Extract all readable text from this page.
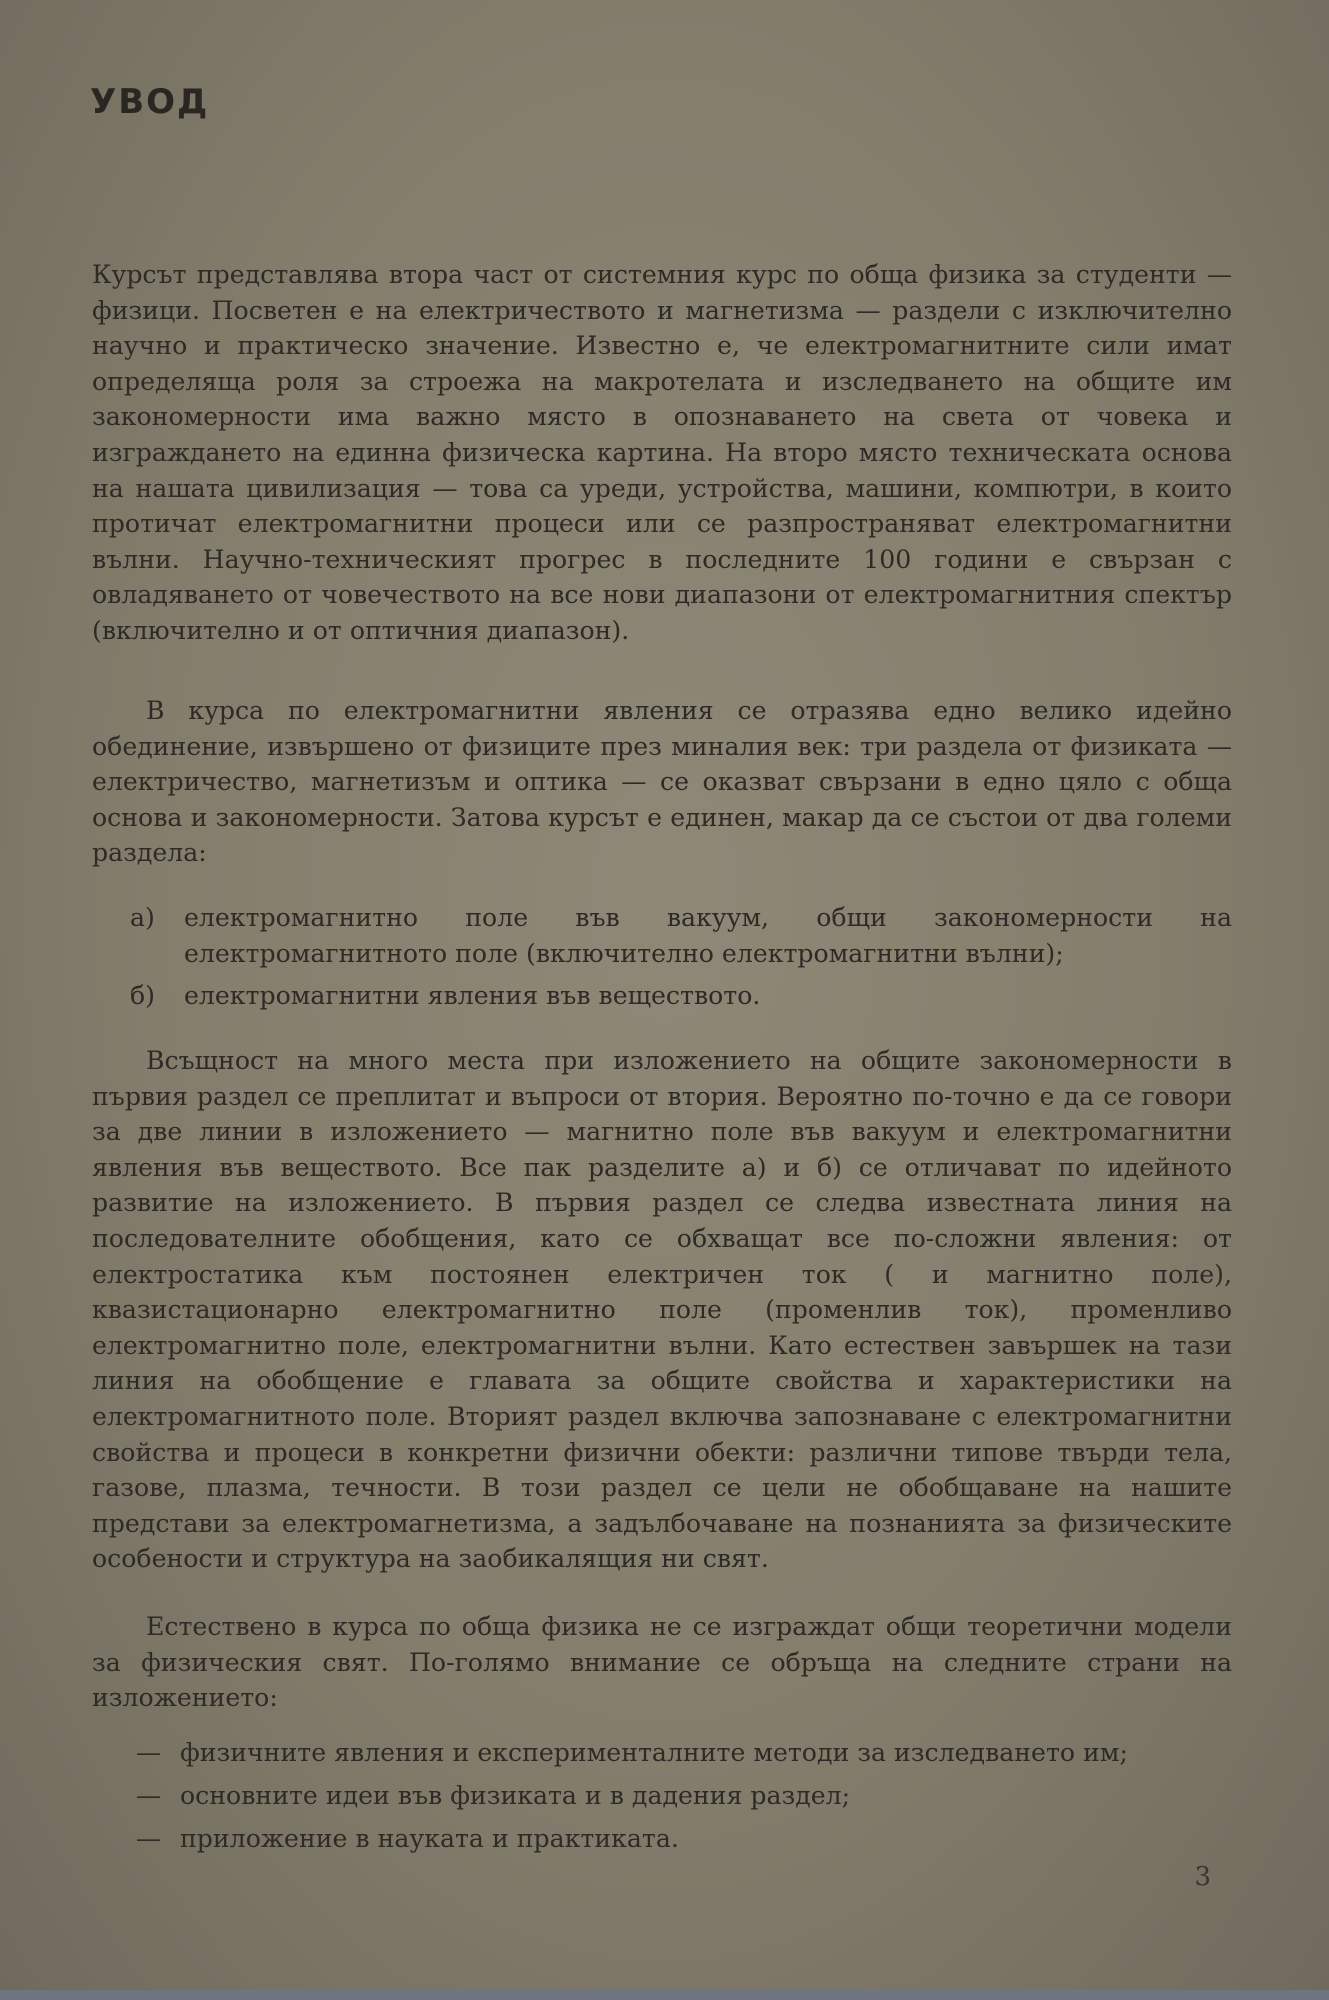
УВОД
Курсът представлява втора част от системния курс по обща физика за студенти — физици. Посветен е на електричеството и магнетизма — раздели с изключително научно и практическо значение. Известно е, че електромагнитните сили имат определяща роля за строежа на макротелата и изследването на общите им закономерности има важно място в опознаването на света от човека и изграждането на единна физическа картина. На второ място техническата основа на нашата цивилизация — това са уреди, устройства, машини, компютри, в които протичат електромагнитни процеси или се разпространяват електромагнитни вълни. Научно-техническият прогрес в последните 100 години е свързан с овладяването от човечеството на все нови диапазони от електромагнитния спектър (включително и от оптичния диапазон).
В курса по електромагнитни явления се отразява едно велико идейно обединение, извършено от физиците през миналия век: три раздела от физиката — електричество, магнетизъм и оптика — се оказват свързани в едно цяло с обща основа и закономерности. Затова курсът е единен, макар да се състои от два големи раздела:
а)	електромагнитно поле във вакуум, общи закономерности на електромагнитното поле (включително електромагнитни вълни);
б)	електромагнитни явления във веществото.
Всъщност на много места при изложението на общите закономерности в първия раздел се преплитат и въпроси от втория. Вероятно по-точно е да се говори за две линии в изложението — магнитно поле във вакуум и електромагнитни явления във веществото. Все пак разделите а) и б) се отличават по идейното развитие на изложението. В първия раздел се следва известната линия на последователните обобщения, като се обхващат все по-сложни явления: от електростатика към постоянен електричен ток ( и магнитно поле), квазистационарно електромагнитно поле (променлив ток), променливо електромагнитно поле, електромагнитни вълни. Като естествен завършек на тази линия на обобщение е главата за общите свойства и характеристики на електромагнитното поле. Вторият раздел включва запознаване с електромагнитни свойства и процеси в конкретни физични обекти: различни типове твърди тела, газове, плазма, течности. В този раздел се цели не обобщаване на нашите представи за електромагнетизма, а задълбочаване на познанията за физическите особености и структура на заобикалящия ни свят.
Естествено в курса по обща физика не се изграждат общи теоретични модели за физическия свят. По-голямо внимание се обръща на следните страни на изложението:
— физичните явления и експерименталните методи за изследването им;
— основните идеи във физиката и в дадения раздел;
— приложение в науката и практиката.
3
